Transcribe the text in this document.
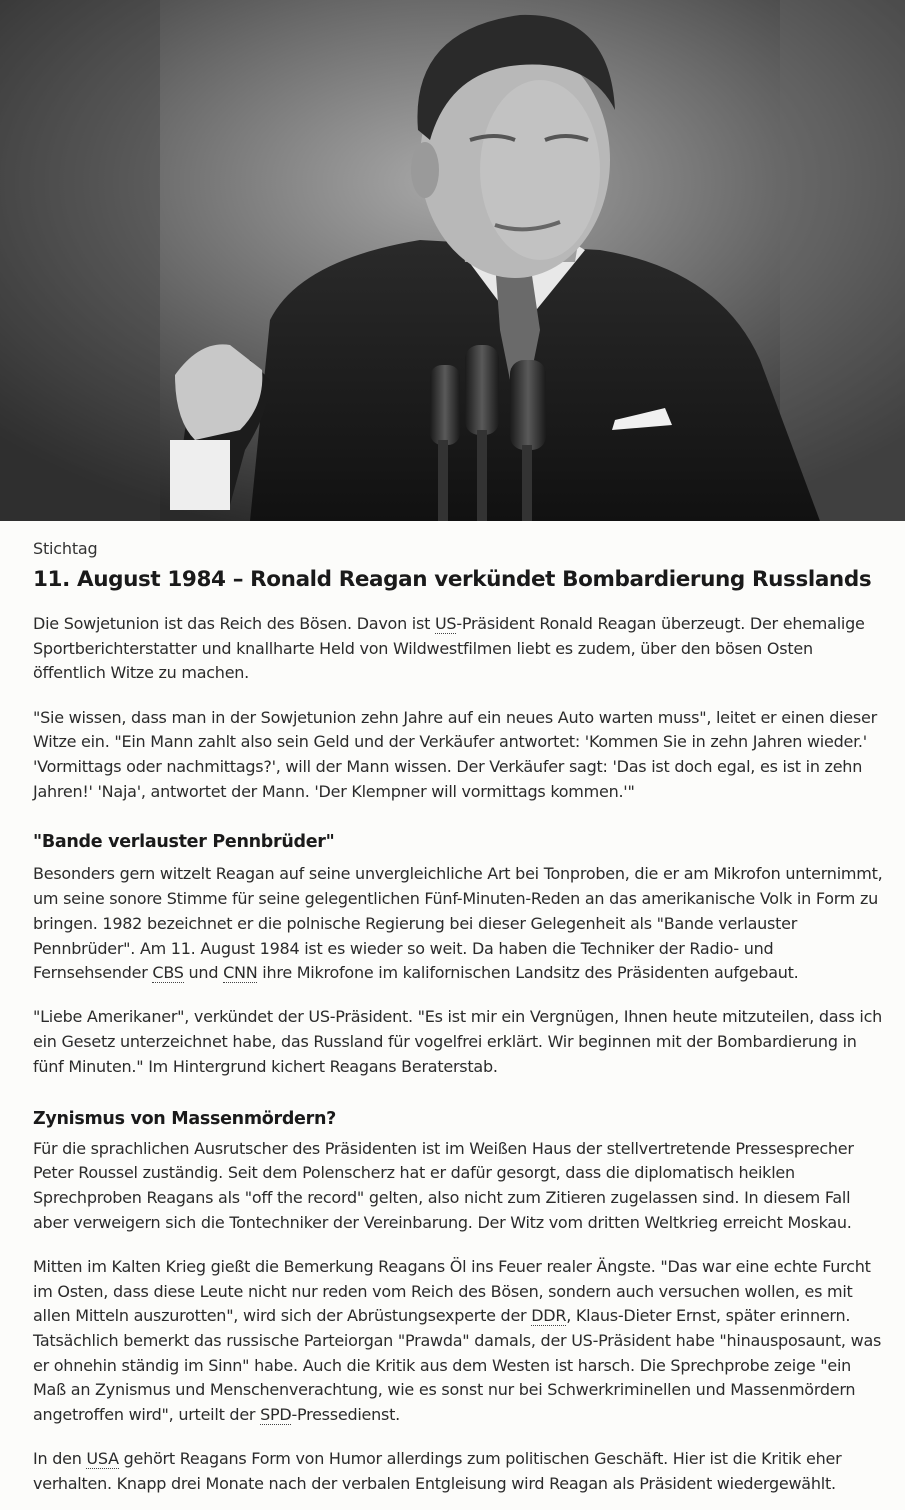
Stichtag
11. August 1984 – Ronald Reagan verkündet Bombardierung Russlands

Die Sowjetunion ist das Reich des Bösen. Davon ist US-Präsident Ronald Reagan überzeugt. Der ehemalige Sportberichterstatter und knallharte Held von Wildwestfilmen liebt es zudem, über den bösen Osten öffentlich Witze zu machen.

"Sie wissen, dass man in der Sowjetunion zehn Jahre auf ein neues Auto warten muss", leitet er einen dieser Witze ein. "Ein Mann zahlt also sein Geld und der Verkäufer antwortet: 'Kommen Sie in zehn Jahren wieder.' 'Vormittags oder nachmittags?', will der Mann wissen. Der Verkäufer sagt: 'Das ist doch egal, es ist in zehn Jahren!' 'Naja', antwortet der Mann. 'Der Klempner will vormittags kommen.'"

"Bande verlauster Pennbrüder"

Besonders gern witzelt Reagan auf seine unvergleichliche Art bei Tonproben, die er am Mikrofon unternimmt, um seine sonore Stimme für seine gelegentlichen Fünf-Minuten-Reden an das amerikanische Volk in Form zu bringen. 1982 bezeichnet er die polnische Regierung bei dieser Gelegenheit als "Bande verlauster Pennbrüder". Am 11. August 1984 ist es wieder so weit. Da haben die Techniker der Radio- und Fernsehsender CBS und CNN ihre Mikrofone im kalifornischen Landsitz des Präsidenten aufgebaut.

"Liebe Amerikaner", verkündet der US-Präsident. "Es ist mir ein Vergnügen, Ihnen heute mitzuteilen, dass ich ein Gesetz unterzeichnet habe, das Russland für vogelfrei erklärt. Wir beginnen mit der Bombardierung in fünf Minuten." Im Hintergrund kichert Reagans Beraterstab.

Zynismus von Massenmördern?

Für die sprachlichen Ausrutscher des Präsidenten ist im Weißen Haus der stellvertretende Pressesprecher Peter Roussel zuständig. Seit dem Polenscherz hat er dafür gesorgt, dass die diplomatisch heiklen Sprechproben Reagans als "off the record" gelten, also nicht zum Zitieren zugelassen sind. In diesem Fall aber verweigern sich die Tontechniker der Vereinbarung. Der Witz vom dritten Weltkrieg erreicht Moskau.

Mitten im Kalten Krieg gießt die Bemerkung Reagans Öl ins Feuer realer Ängste. "Das war eine echte Furcht im Osten, dass diese Leute nicht nur reden vom Reich des Bösen, sondern auch versuchen wollen, es mit allen Mitteln auszurotten", wird sich der Abrüstungsexperte der DDR, Klaus-Dieter Ernst, später erinnern. Tatsächlich bemerkt das russische Parteiorgan "Prawda" damals, der US-Präsident habe "hinausposaunt, was er ohnehin ständig im Sinn" habe. Auch die Kritik aus dem Westen ist harsch. Die Sprechprobe zeige "ein Maß an Zynismus und Menschenverachtung, wie es sonst nur bei Schwerkriminellen und Massenmördern angetroffen wird", urteilt der SPD-Pressedienst.

In den USA gehört Reagans Form von Humor allerdings zum politischen Geschäft. Hier ist die Kritik eher verhalten. Knapp drei Monate nach der verbalen Entgleisung wird Reagan als Präsident wiedergewählt.
